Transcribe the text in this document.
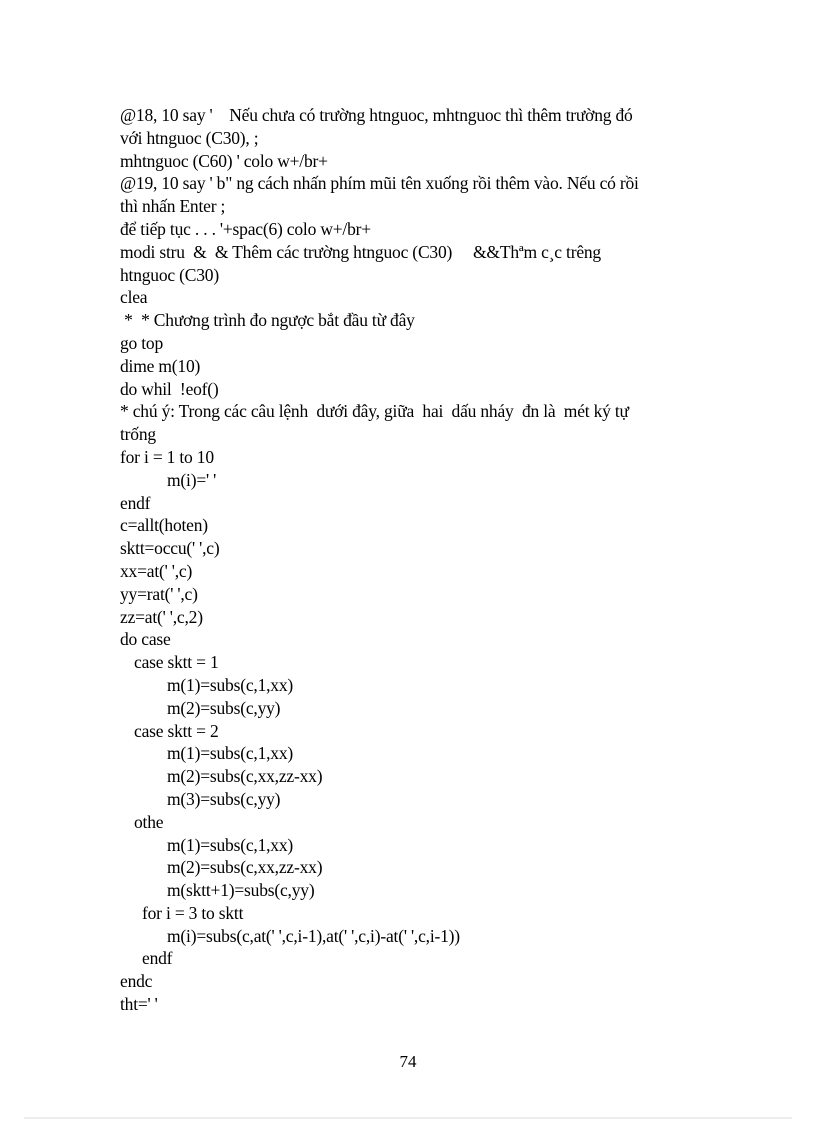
@18, 10 say '    Nếu chưa có trường htnguoc, mhtnguoc thì thêm trường đó
với htnguoc (C30), ;
mhtnguoc (C60) ' colo w+/br+
@19, 10 say ' b" ng cách nhấn phím mũi tên xuống rồi thêm vào. Nếu có rồi
thì nhấn Enter ;
để tiếp tục . . . '+spac(6) colo w+/br+
modi stru  &  & Thêm các trường htnguoc (C30)     &&Thªm c¸c trêng
htnguoc (C30)
clea
*  * Chương trình đo ngược bắt đầu từ đây
go top
dime m(10)
do whil  !eof()
* chú ý: Trong các câu lệnh  dưới đây, giữa  hai  dấu nháy  đn là  mét ký tự
trống
for i = 1 to 10
m(i)=' '
endf
c=allt(hoten)
sktt=occu(' ',c)
xx=at(' ',c)
yy=rat(' ',c)
zz=at(' ',c,2)
do case
case sktt = 1
m(1)=subs(c,1,xx)
m(2)=subs(c,yy)
case sktt = 2
m(1)=subs(c,1,xx)
m(2)=subs(c,xx,zz-xx)
m(3)=subs(c,yy)
othe
m(1)=subs(c,1,xx)
m(2)=subs(c,xx,zz-xx)
m(sktt+1)=subs(c,yy)
for i = 3 to sktt
m(i)=subs(c,at(' ',c,i-1),at(' ',c,i)-at(' ',c,i-1))
endf
endc
tht=' '
74
